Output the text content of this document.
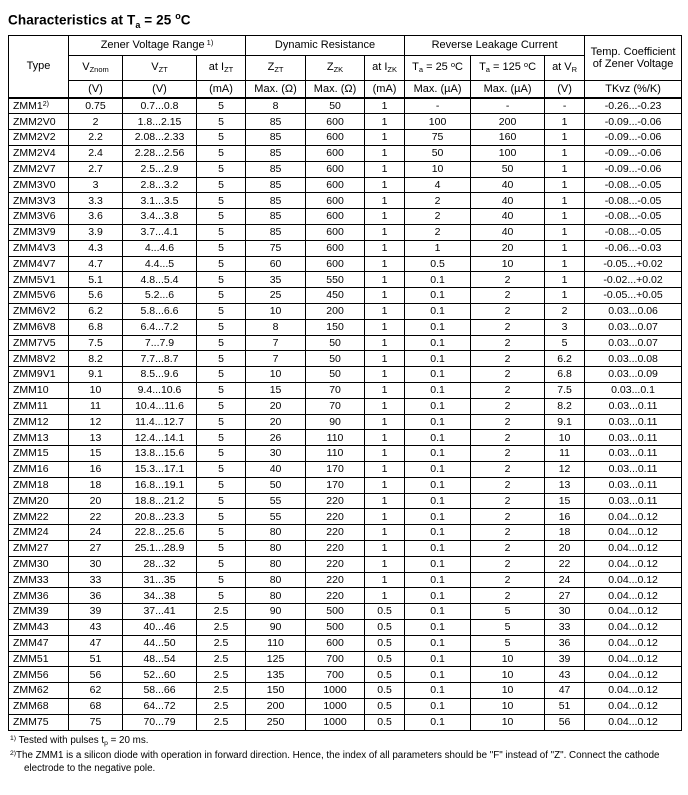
Characteristics at $T_a = 25$ $^o$C
Type	Zener Voltage Range $^{1)}$			Dynamic Resistance			Reverse Leakage Current			Temp. Coefficient
of Zener Voltage
	$V_{Znom}$	$V_{ZT}$	at $I_{ZT}$	$Z_{ZT}$	$Z_{ZK}$	at $I_{ZK}$	$T_a = 25$ $^o$C	$T_a = 125$ $^o$C	at $V_R$
	(V)	(V)	(mA)	Max. (Ω)	Max. (Ω)	(mA)	Max. (µA)	Max. (µA)	(V)	TKvz (%/K)
ZMM1$^{2)}$	0.75	0.7...0.8	5	8	50	1	-	-	-	-0.26...-0.23
ZMM2V0	2	1.8...2.15	5	85	600	1	100	200	1	-0.09...-0.06
ZMM2V2	2.2	2.08...2.33	5	85	600	1	75	160	1	-0.09...-0.06
ZMM2V4	2.4	2.28...2.56	5	85	600	1	50	100	1	-0.09...-0.06
ZMM2V7	2.7	2.5...2.9	5	85	600	1	10	50	1	-0.09...-0.06
ZMM3V0	3	2.8...3.2	5	85	600	1	4	40	1	-0.08...-0.05
ZMM3V3	3.3	3.1...3.5	5	85	600	1	2	40	1	-0.08...-0.05
ZMM3V6	3.6	3.4...3.8	5	85	600	1	2	40	1	-0.08...-0.05
ZMM3V9	3.9	3.7...4.1	5	85	600	1	2	40	1	-0.08...-0.05
ZMM4V3	4.3	4...4.6	5	75	600	1	1	20	1	-0.06...-0.03
ZMM4V7	4.7	4.4...5	5	60	600	1	0.5	10	1	-0.05...+0.02
ZMM5V1	5.1	4.8...5.4	5	35	550	1	0.1	2	1	-0.02...+0.02
ZMM5V6	5.6	5.2...6	5	25	450	1	0.1	2	1	-0.05...+0.05
ZMM6V2	6.2	5.8...6.6	5	10	200	1	0.1	2	2	0.03...0.06
ZMM6V8	6.8	6.4...7.2	5	8	150	1	0.1	2	3	0.03...0.07
ZMM7V5	7.5	7...7.9	5	7	50	1	0.1	2	5	0.03...0.07
ZMM8V2	8.2	7.7...8.7	5	7	50	1	0.1	2	6.2	0.03...0.08
ZMM9V1	9.1	8.5...9.6	5	10	50	1	0.1	2	6.8	0.03...0.09
ZMM10	10	9.4...10.6	5	15	70	1	0.1	2	7.5	0.03...0.1
ZMM11	11	10.4...11.6	5	20	70	1	0.1	2	8.2	0.03...0.11
ZMM12	12	11.4...12.7	5	20	90	1	0.1	2	9.1	0.03...0.11
ZMM13	13	12.4...14.1	5	26	110	1	0.1	2	10	0.03...0.11
ZMM15	15	13.8...15.6	5	30	110	1	0.1	2	11	0.03...0.11
ZMM16	16	15.3...17.1	5	40	170	1	0.1	2	12	0.03...0.11
ZMM18	18	16.8...19.1	5	50	170	1	0.1	2	13	0.03...0.11
ZMM20	20	18.8...21.2	5	55	220	1	0.1	2	15	0.03...0.11
ZMM22	22	20.8...23.3	5	55	220	1	0.1	2	16	0.04...0.12
ZMM24	24	22.8...25.6	5	80	220	1	0.1	2	18	0.04...0.12
ZMM27	27	25.1...28.9	5	80	220	1	0.1	2	20	0.04...0.12
ZMM30	30	28...32	5	80	220	1	0.1	2	22	0.04...0.12
ZMM33	33	31...35	5	80	220	1	0.1	2	24	0.04...0.12
ZMM36	36	34...38	5	80	220	1	0.1	2	27	0.04...0.12
ZMM39	39	37...41	2.5	90	500	0.5	0.1	5	30	0.04...0.12
ZMM43	43	40...46	2.5	90	500	0.5	0.1	5	33	0.04...0.12
ZMM47	47	44...50	2.5	110	600	0.5	0.1	5	36	0.04...0.12
ZMM51	51	48...54	2.5	125	700	0.5	0.1	10	39	0.04...0.12
ZMM56	56	52...60	2.5	135	700	0.5	0.1	10	43	0.04...0.12
ZMM62	62	58...66	2.5	150	1000	0.5	0.1	10	47	0.04...0.12
ZMM68	68	64...72	2.5	200	1000	0.5	0.1	10	51	0.04...0.12
ZMM75	75	70...79	2.5	250	1000	0.5	0.1	10	56	0.04...0.12
$^{1)}$ Tested with pulses $t_p = 20$ ms.
$^{2)}$The ZMM1 is a silicon diode with operation in forward direction. Hence, the index of all parameters should be "F" instead of "Z". Connect the cathode electrode to the negative pole.
